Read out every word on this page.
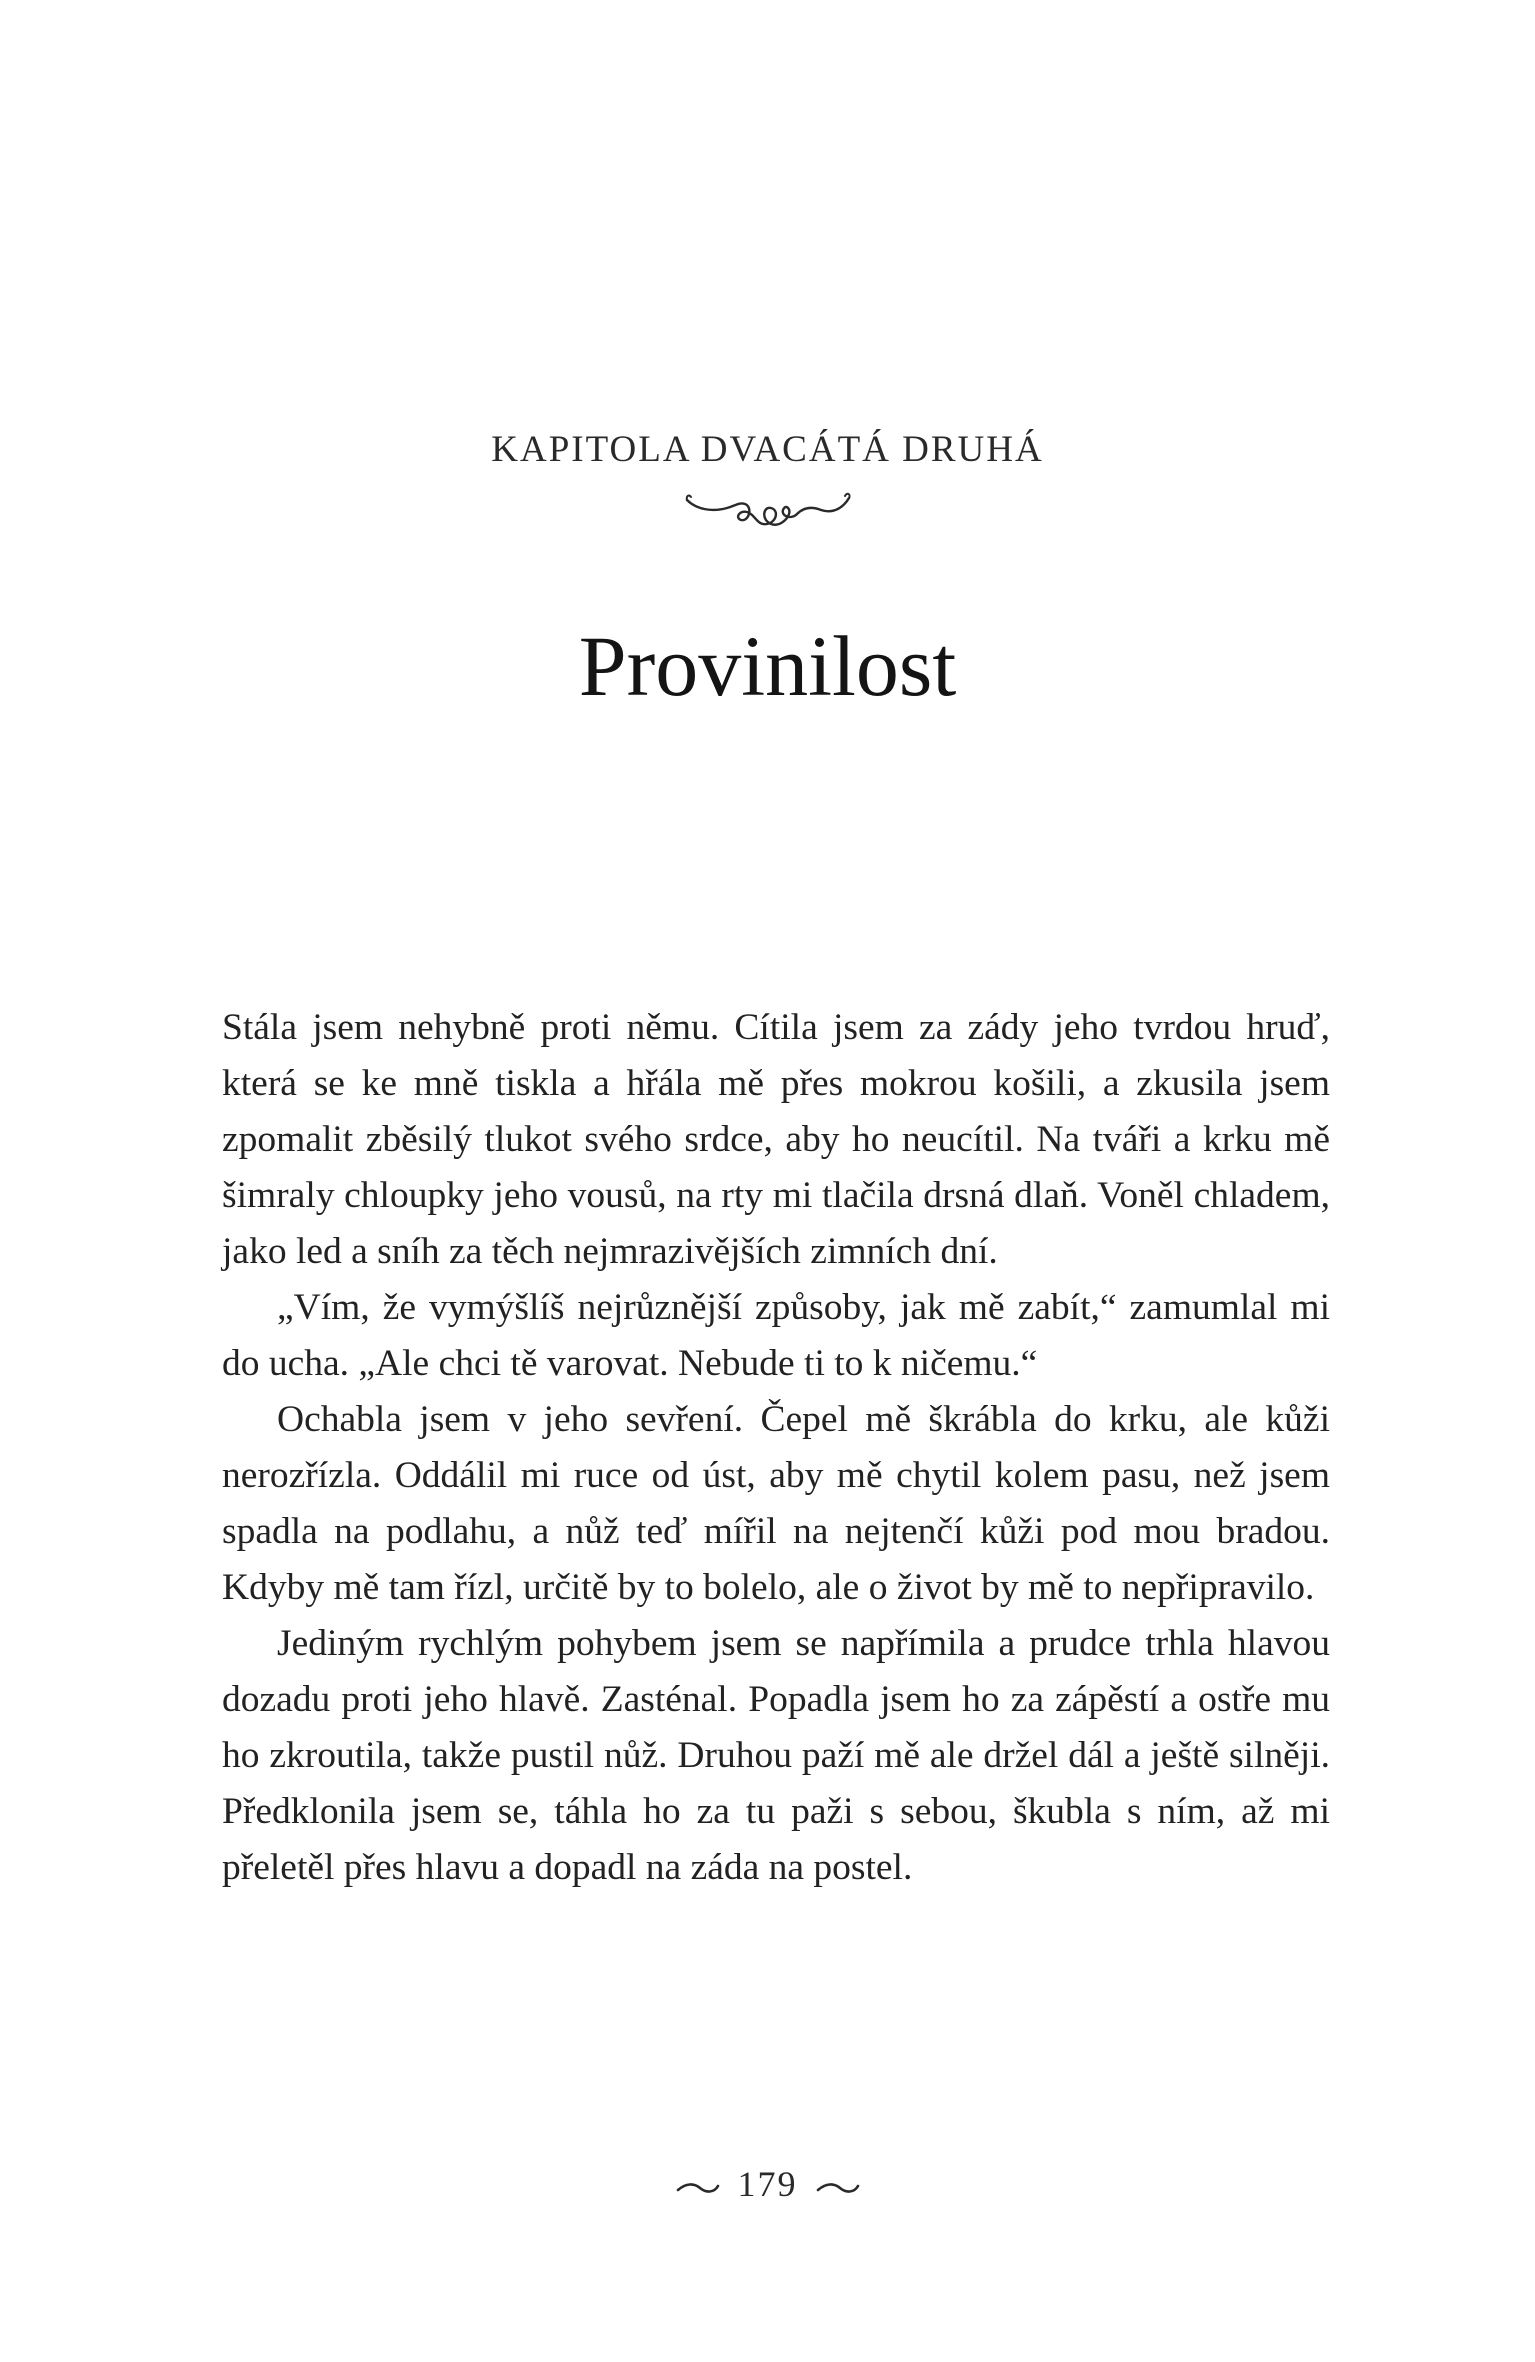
KAPITOLA DVACÁTÁ DRUHÁ
Provinilost

Stála jsem nehybně proti němu. Cítila jsem za zády jeho tvrdou hruď, která se ke mně tiskla a hřála mě přes mokrou košili, a zkusila jsem zpomalit zběsilý tlukot svého srdce, aby ho neucítil. Na tváři a krku mě šimraly chloupky jeho vousů, na rty mi tlačila drsná dlaň. Voněl chladem, jako led a sníh za těch nejmrazivějších zimních dní.

„Vím, že vymýšlíš nejrůznější způsoby, jak mě zabít,“ zamumlal mi do ucha. „Ale chci tě varovat. Nebude ti to k ničemu.“

Ochabla jsem v jeho sevření. Čepel mě škrábla do krku, ale kůži nerozřízla. Oddálil mi ruce od úst, aby mě chytil kolem pasu, než jsem spadla na podlahu, a nůž teď mířil na nejtenčí kůži pod mou bradou. Kdyby mě tam řízl, určitě by to bolelo, ale o život by mě to nepřipravilo.

Jediným rychlým pohybem jsem se napřímila a prudce trhla hlavou dozadu proti jeho hlavě. Zasténal. Popadla jsem ho za zápěstí a ostře mu ho zkroutila, takže pustil nůž. Druhou paží mě ale držel dál a ještě silněji. Předklonila jsem se, táhla ho za tu paži s sebou, škubla s ním, až mi přeletěl přes hlavu a dopadl na záda na postel.

179
